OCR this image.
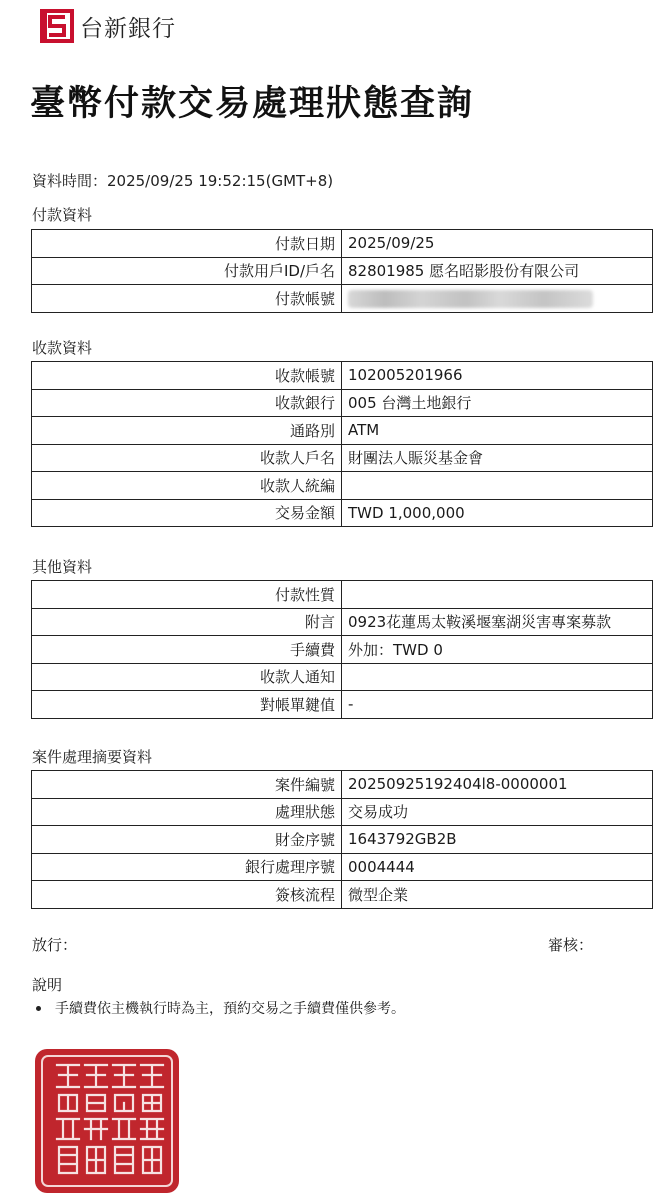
台新銀行
臺幣付款交易處理狀態查詢
資料時間：2025/09/25 19:52:15(GMT+8)
付款資料
付款日期	2025/09/25
付款用戶ID/戶名	82801985 愿名昭影股份有限公司
付款帳號	
收款資料
收款帳號	102005201966
收款銀行	005 台灣土地銀行
通路別	ATM
收款人戶名	財團法人賑災基金會
收款人統編	
交易金額	TWD 1,000,000
其他資料
付款性質	
附言	0923花蓮馬太鞍溪堰塞湖災害專案募款
手續費	外加：TWD 0
收款人通知	
對帳單鍵值	-
案件處理摘要資料
案件編號	20250925192404l8-0000001
處理狀態	交易成功
財金序號	1643792GB2B
銀行處理序號	0004444
簽核流程	微型企業
放行：	審核：
說明
手續費依主機執行時為主，預約交易之手續費僅供參考。
